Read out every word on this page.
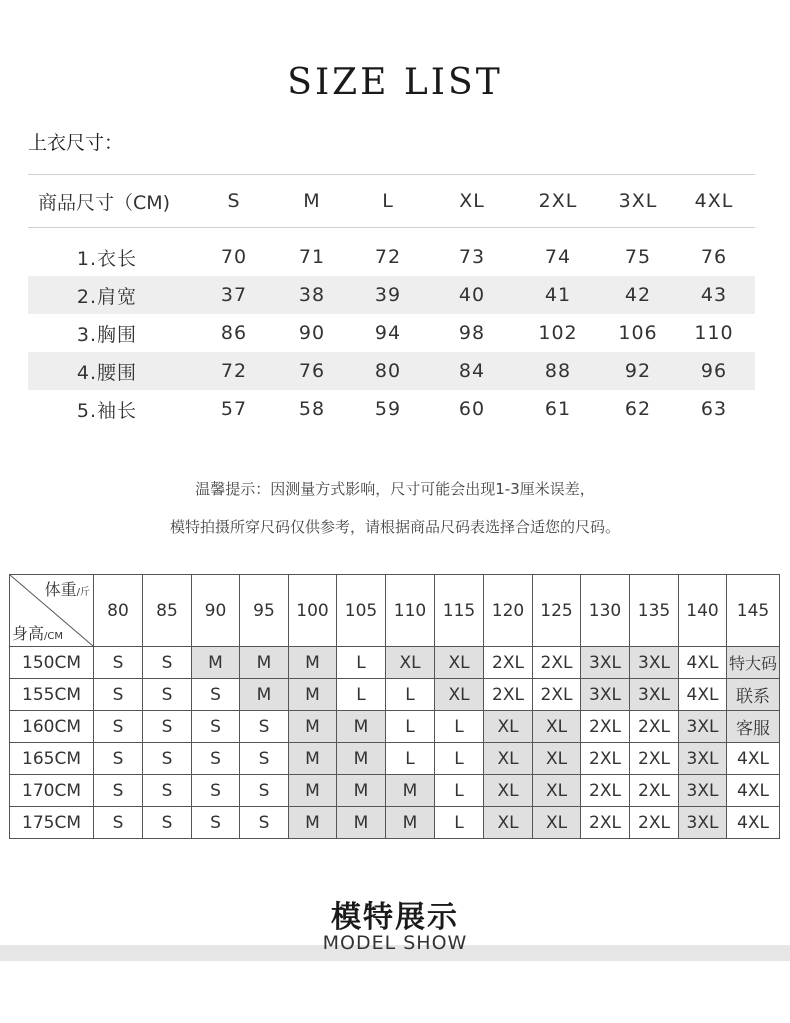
SIZE LIST
上衣尺寸：
商品尺寸（CM)	S	M	L	XL	2XL	3XL	4XL
1.衣长	70	71	72	73	74	75	76
2.肩宽	37	38	39	40	41	42	43
3.胸围	86	90	94	98	102	106	110
4.腰围	72	76	80	84	88	92	96
5.袖长	57	58	59	60	61	62	63
温馨提示：因测量方式影响，尺寸可能会出现1-3厘米误差，
模特拍摄所穿尺码仅供参考，请根据商品尺码表选择合适您的尺码。
体重/斤
身高/CM	80	85	90	95	100	105	110	115	120	125	130	135	140	145
150CM	S	S	M	M	M	L	XL	XL	2XL	2XL	3XL	3XL	4XL	特大码
155CM	S	S	S	M	M	L	L	XL	2XL	2XL	3XL	3XL	4XL	联系
160CM	S	S	S	S	M	M	L	L	XL	XL	2XL	2XL	3XL	客服
165CM	S	S	S	S	M	M	L	L	XL	XL	2XL	2XL	3XL	4XL
170CM	S	S	S	S	M	M	M	L	XL	XL	2XL	2XL	3XL	4XL
175CM	S	S	S	S	M	M	M	L	XL	XL	2XL	2XL	3XL	4XL
模特展示
MODEL SHOW
